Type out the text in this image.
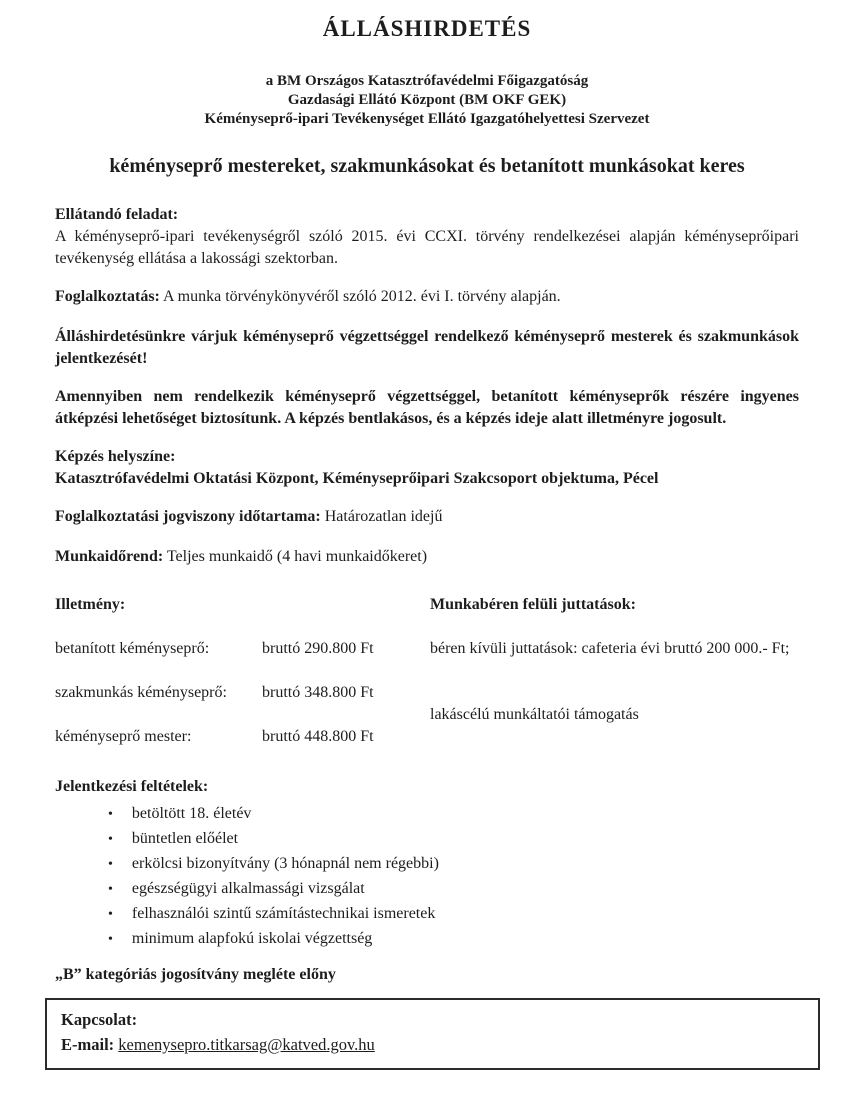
ÁLLÁSHIRDETÉS
a BM Országos Katasztrófavédelmi Főigazgatóság
Gazdasági Ellátó Központ (BM OKF GEK)
Kéményseprő-ipari Tevékenységet Ellátó Igazgatóhelyettesi Szervezet
kéményseprő mestereket, szakmunkásokat és betanított munkásokat keres

Ellátandó feladat:

A kéményseprő-ipari tevékenységről szóló 2015. évi CCXI. törvény rendelkezései alapján kéményseprőipari tevékenység ellátása a lakossági szektorban.

Foglalkoztatás: A munka törvénykönyvéről szóló 2012. évi I. törvény alapján.

Álláshirdetésünkre várjuk kéményseprő végzettséggel rendelkező kéményseprő mesterek és szakmunkások jelentkezését!

Amennyiben nem rendelkezik kéményseprő végzettséggel, betanított kéményseprők részére ingyenes átképzési lehetőséget biztosítunk. A képzés bentlakásos, és a képzés ideje alatt illetményre jogosult.

Képzés helyszíne:

Katasztrófavédelmi Oktatási Központ, Kéményseprőipari Szakcsoport objektuma, Pécel

Foglalkoztatási jogviszony időtartama: Határozatlan idejű

Munkaidőrend: Teljes munkaidő (4 havi munkaidőkeret)

Illetmény:
betanított kéményseprő:	bruttó 290.800 Ft
szakmunkás kéményseprő:	bruttó 348.800 Ft
kéményseprő mester:	bruttó 448.800 Ft
Munkabéren felüli juttatások:

béren kívüli juttatások: cafeteria évi bruttó 200 000.- Ft;

lakáscélú munkáltatói támogatás

Jelentkezési feltételek:

• betöltött 18. életév
• büntetlen előélet
• erkölcsi bizonyítvány (3 hónapnál nem régebbi)
• egészségügyi alkalmassági vizsgálat
• felhasználói szintű számítástechnikai ismeretek
• minimum alapfokú iskolai végzettség

„B” kategóriás jogosítvány megléte előny

Kapcsolat:

E-mail: kemenysepro.titkarsag@katved.gov.hu
